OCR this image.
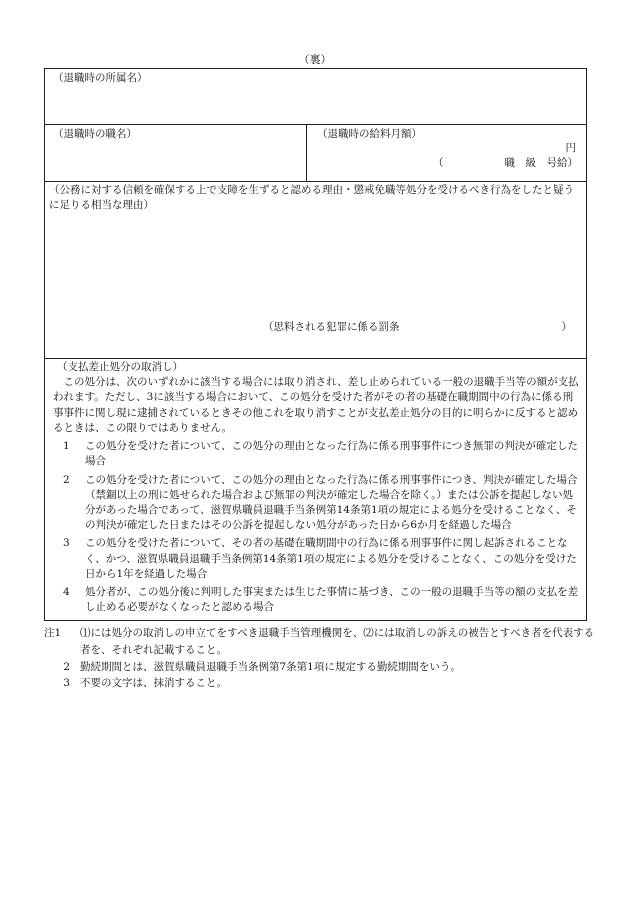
（裏）
（退職時の所属名）
（退職時の職名）	（退職時の給料月額）
円
（	職 級 号給）
（公務に対する信頼を確保する上で支障を生ずると認める理由・懲戒免職等処分を受けるべき行為をしたと疑うに足りる相当な理由）
（思料される犯罪に係る罰条	）

（支払差止処分の取消し）

この処分は、次のいずれかに該当する場合には取り消され、差し止められている一般の退職手当等の額が支払われます。ただし、3に該当する場合において、この処分を受けた者がその者の基礎在職期間中の行為に係る刑事事件に関し現に逮捕されているときその他これを取り消すことが支払差止処分の目的に明らかに反すると認めるときは、この限りではありません。

1	この処分を受けた者について、この処分の理由となった行為に係る刑事事件につき無罪の判決が確定した場合
2	この処分を受けた者について、この処分の理由となった行為に係る刑事事件につき、判決が確定した場合（禁錮以上の刑に処せられた場合および無罪の判決が確定した場合を除く。）または公訴を提起しない処分があった場合であって、滋賀県職員退職手当条例第14条第1項の規定による処分を受けることなく、その判決が確定した日またはその公訴を提起しない処分があった日から6か月を経過した場合
3	この処分を受けた者について、その者の基礎在職期間中の行為に係る刑事事件に関し起訴されることなく、かつ、滋賀県職員退職手当条例第14条第1項の規定による処分を受けることなく、この処分を受けた日から1年を経過した場合
4	処分者が、この処分後に判明した事実または生じた事情に基づき、この一般の退職手当等の額の支払を差し止める必要がなくなったと認める場合
注1	⑴には処分の取消しの申立てをすべき退職手当管理機関を、⑵には取消しの訴えの被告とすべき者を代表する者を、それぞれ記載すること。
2 勤続期間とは、滋賀県職員退職手当条例第7条第1項に規定する勤続期間をいう。
3 不要の文字は、抹消すること。
